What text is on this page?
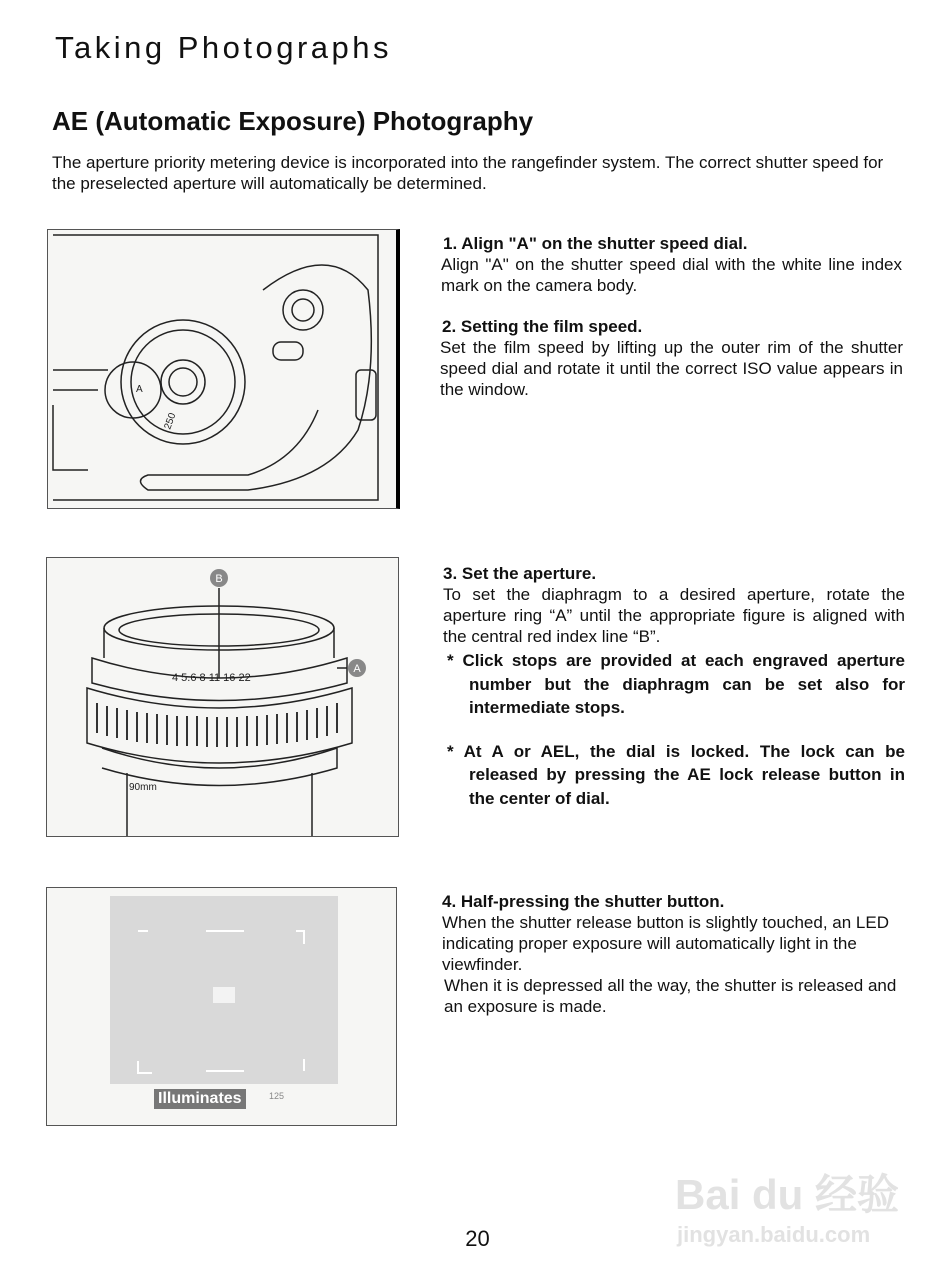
Taking Photographs
AE (Automatic Exposure) Photography
The aperture priority metering device is incorporated into the rangefinder system. The correct shutter speed for the preselected aperture will automatically be determined.
A
250
1. Align "A" on the shutter speed dial.

Align "A" on the shutter speed dial with the white line index mark on the camera body.

2. Setting the film speed.

Set the film speed by lifting up the outer rim of the shutter speed dial and rotate it until the correct ISO value appears in the window.

B
A
4 5.6 8 11 16 22
90mm
3. Set the aperture.

To set the diaphragm to a desired aperture, rotate the aperture ring “A” until the appropriate figure is aligned with the central red index line “B”.

* Click stops are provided at each engraved aperture number but the diaphragm can be set also for intermediate stops.

* At A or AEL, the dial is locked. The lock can be released by pressing the AE lock release button in the center of dial.

Illuminates	125
4. Half-pressing the shutter button.

When the shutter release button is slightly touched, an LED indicating proper exposure will automatically light in the viewfinder.

When it is depressed all the way, the shutter is released and an exposure is made.

20
Bai du 经验
jingyan.baidu.com
